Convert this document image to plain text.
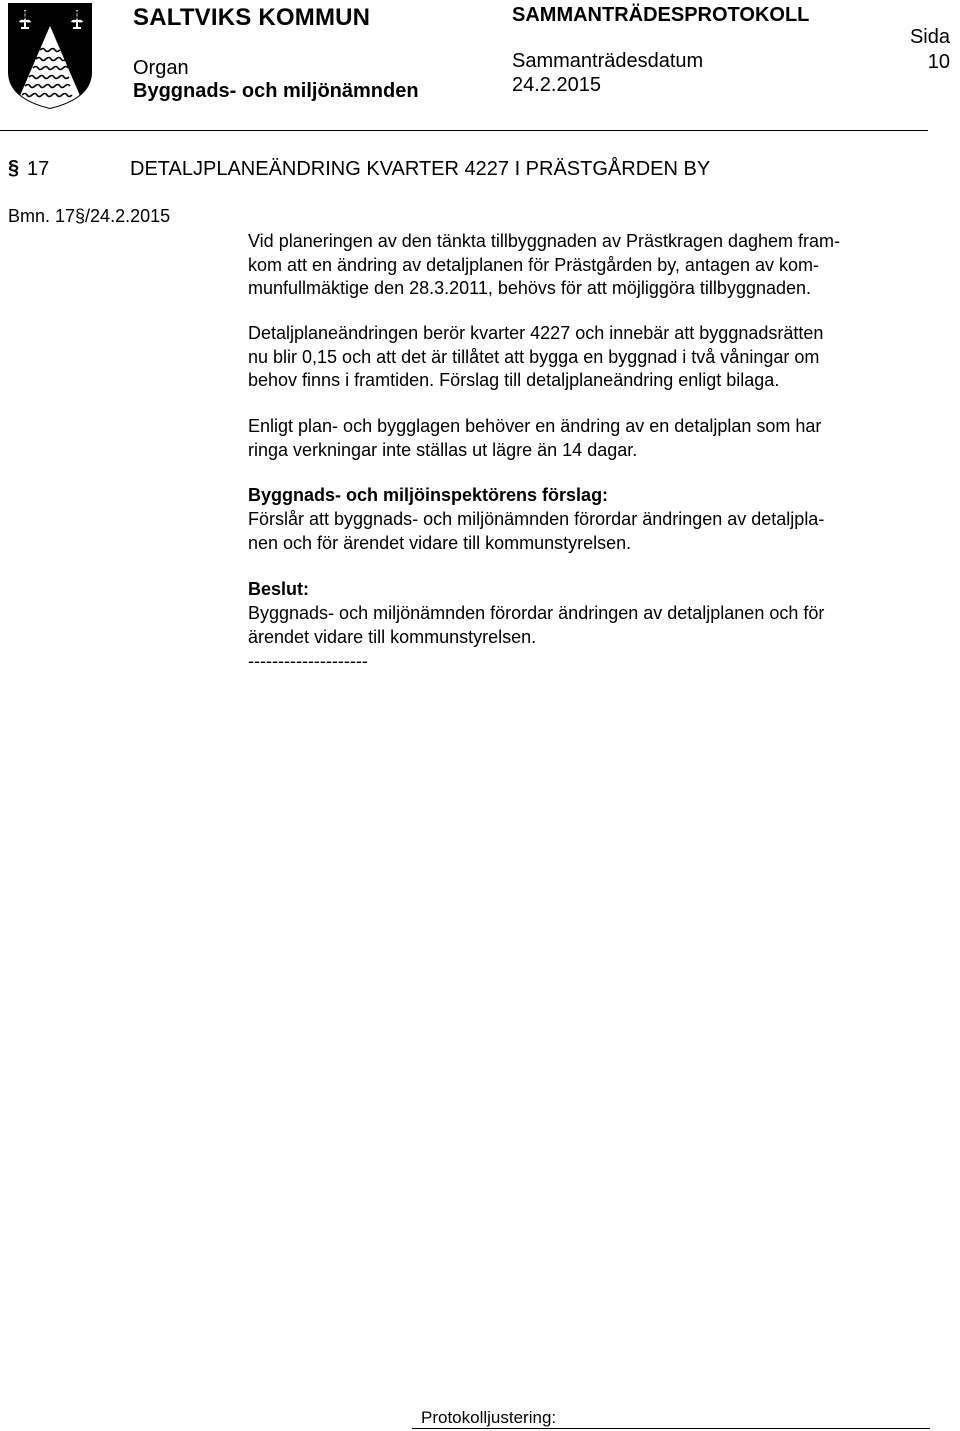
SALTVIKS KOMMUN	SAMMANTRÄDESPROTOKOLL
Sida
10
Organ
Byggnads- och miljönämnden
Sammanträdesdatum
24.2.2015
§ 17	DETALJPLANEÄNDRING KVARTER 4227 I PRÄSTGÅRDEN BY
Bmn. 17§/24.2.2015
Vid planeringen av den tänkta tillbyggnaden av Prästkragen daghem fram-
kom att en ändring av detaljplanen för Prästgården by, antagen av kom-
munfullmäktige den 28.3.2011, behövs för att möjliggöra tillbyggnaden.
Detaljplaneändringen berör kvarter 4227 och innebär att byggnadsrätten
nu blir 0,15 och att det är tillåtet att bygga en byggnad i två våningar om
behov finns i framtiden. Förslag till detaljplaneändring enligt bilaga.
Enligt plan- och bygglagen behöver en ändring av en detaljplan som har
ringa verkningar inte ställas ut lägre än 14 dagar.
Byggnads- och miljöinspektörens förslag:
Förslår att byggnads- och miljönämnden förordar ändringen av detaljpla-
nen och för ärendet vidare till kommunstyrelsen.
Beslut:
Byggnads- och miljönämnden förordar ändringen av detaljplanen och för
ärendet vidare till kommunstyrelsen.
--------------------
Protokolljustering:
